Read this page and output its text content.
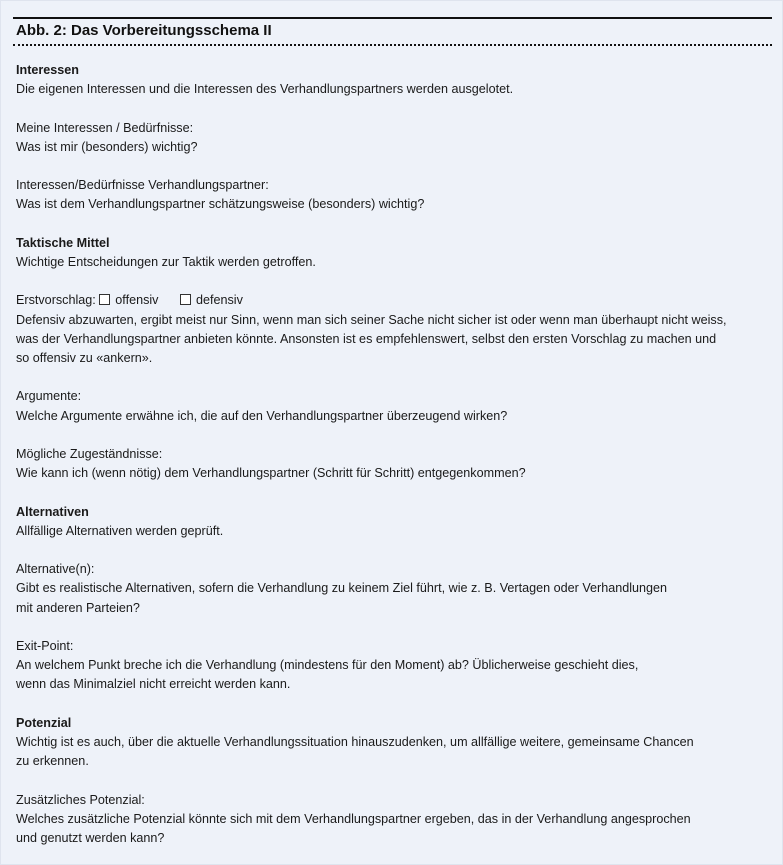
Abb. 2: Das Vorbereitungsschema II

Interessen

Die eigenen Interessen und die Interessen des Verhandlungspartners werden ausgelotet.

Meine Interessen / Bedürfnisse:

Was ist mir (besonders) wichtig?

Interessen/Bedürfnisse Verhandlungspartner:

Was ist dem Verhandlungspartner schätzungsweise (besonders) wichtig?

Taktische Mittel

Wichtige Entscheidungen zur Taktik werden getroffen.

Erstvorschlag: offensiv	defensiv

Defensiv abzuwarten, ergibt meist nur Sinn, wenn man sich seiner Sache nicht sicher ist oder wenn man überhaupt nicht weiss,

was der Verhandlungspartner anbieten könnte. Ansonsten ist es empfehlenswert, selbst den ersten Vorschlag zu machen und

so offensiv zu «ankern».

Argumente:

Welche Argumente erwähne ich, die auf den Verhandlungspartner überzeugend wirken?

Mögliche Zugeständnisse:

Wie kann ich (wenn nötig) dem Verhandlungspartner (Schritt für Schritt) entgegenkommen?

Alternativen

Allfällige Alternativen werden geprüft.

Alternative(n):

Gibt es realistische Alternativen, sofern die Verhandlung zu keinem Ziel führt, wie z. B. Vertagen oder Verhandlungen

mit anderen Parteien?

Exit-Point:

An welchem Punkt breche ich die Verhandlung (mindestens für den Moment) ab? Üblicherweise geschieht dies,

wenn das Minimalziel nicht erreicht werden kann.

Potenzial

Wichtig ist es auch, über die aktuelle Verhandlungssituation hinauszudenken, um allfällige weitere, gemeinsame Chancen

zu erkennen.

Zusätzliches Potenzial:

Welches zusätzliche Potenzial könnte sich mit dem Verhandlungspartner ergeben, das in der Verhandlung angesprochen

und genutzt werden kann?
